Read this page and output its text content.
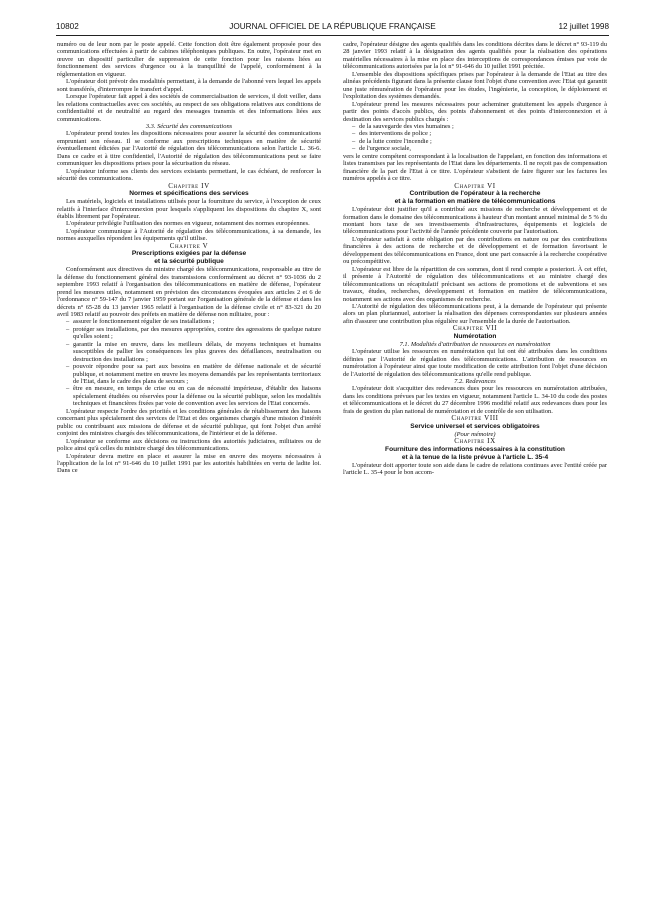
10802	JOURNAL OFFICIEL DE LA RÉPUBLIQUE FRANÇAISE	12 juillet 1998

numéro ou de leur nom par le poste appelé. Cette fonction doit être également proposée pour des communications effectuées à partir de cabines téléphoniques publiques. En outre, l'opérateur met en œuvre un dispositif particulier de suppression de cette fonction pour les raisons liées au fonctionnement des services d'urgence ou à la tranquillité de l'appelé, conformément à la réglementation en vigueur.

L'opérateur doit prévoir des modalités permettant, à la demande de l'abonné vers lequel les appels sont transférés, d'interrompre le transfert d'appel.

Lorsque l'opérateur fait appel à des sociétés de commercialisation de services, il doit veiller, dans les relations contractuelles avec ces sociétés, au respect de ses obligations relatives aux conditions de confidentialité et de neutralité au regard des messages transmis et des informations liées aux communications.

3.3. Sécurité des communications

L'opérateur prend toutes les dispositions nécessaires pour assurer la sécurité des communications empruntant son réseau. Il se conforme aux prescriptions techniques en matière de sécurité éventuellement édictées par l'Autorité de régulation des télécommunications selon l'article L. 36-6. Dans ce cadre et à titre confidentiel, l'Autorité de régulation des télécommunications peut se faire communiquer les dispositions prises pour la sécurisation du réseau.

L'opérateur informe ses clients des services existants permettant, le cas échéant, de renforcer la sécurité des communications.

Chapitre IV

Normes et spécifications des services

Les matériels, logiciels et installations utilisés pour la fourniture du service, à l'exception de ceux relatifs à l'interface d'interconnexion pour lesquels s'appliquent les dispositions du chapitre X, sont établis librement par l'opérateur.

L'opérateur privilégie l'utilisation des normes en vigueur, notamment des normes européennes.

L'opérateur communique à l'Autorité de régulation des télécommunications, à sa demande, les normes auxquelles répondent les équipements qu'il utilise.

Chapitre V

Prescriptions exigées par la défense
et la sécurité publique

Conformément aux directives du ministre chargé des télécommunications, responsable au titre de la défense du fonctionnement général des transmissions conformément au décret n° 93-1036 du 2 septembre 1993 relatif à l'organisation des télécommunications en matière de défense, l'opérateur prend les mesures utiles, notamment en prévision des circonstances évoquées aux articles 2 et 6 de l'ordonnance n° 59-147 du 7 janvier 1959 portant sur l'organisation générale de la défense et dans les décrets n° 65-28 du 13 janvier 1965 relatif à l'organisation de la défense civile et n° 83-321 du 20 avril 1983 relatif au pouvoir des préfets en matière de défense non militaire, pour :

– assurer le fonctionnement régulier de ses installations ;
– protéger ses installations, par des mesures appropriées, contre des agressions de quelque nature qu'elles soient ;
– garantir la mise en œuvre, dans les meilleurs délais, de moyens techniques et humains susceptibles de pallier les conséquences les plus graves des défaillances, neutralisation ou destruction des installations ;
– pouvoir répondre pour sa part aux besoins en matière de défense nationale et de sécurité publique, et notamment mettre en œuvre les moyens demandés par les représentants territoriaux de l'Etat, dans le cadre des plans de secours ;
– être en mesure, en temps de crise ou en cas de nécessité impérieuse, d'établir des liaisons spécialement étudiées ou réservées pour la défense ou la sécurité publique, selon les modalités techniques et financières fixées par voie de convention avec les services de l'Etat concernés.

L'opérateur respecte l'ordre des priorités et les conditions générales de rétablissement des liaisons concernant plus spécialement des services de l'Etat et des organismes chargés d'une mission d'intérêt public ou contribuant aux missions de défense et de sécurité publique, qui font l'objet d'un arrêté conjoint des ministres chargés des télécommunications, de l'intérieur et de la défense.

L'opérateur se conforme aux décisions ou instructions des autorités judiciaires, militaires ou de police ainsi qu'à celles du ministre chargé des télécommunications.

L'opérateur devra mettre en place et assurer la mise en œuvre des moyens nécessaires à l'application de la loi n° 91-646 du 10 juillet 1991 par les autorités habilitées en vertu de ladite loi. Dans ce

cadre, l'opérateur désigne des agents qualifiés dans les conditions décrites dans le décret n° 93-119 du 28 janvier 1993 relatif à la désignation des agents qualifiés pour la réalisation des opérations matérielles nécessaires à la mise en place des interceptions de correspondances émises par voie de télécommunications autorisées par la loi n° 91-646 du 10 juillet 1991 précitée.

L'ensemble des dispositions spécifiques prises par l'opérateur à la demande de l'Etat au titre des alinéas précédents figurant dans la présente clause font l'objet d'une convention avec l'Etat qui garantit une juste rémunération de l'opérateur pour les études, l'ingénierie, la conception, le déploiement et l'exploitation des systèmes demandés.

L'opérateur prend les mesures nécessaires pour acheminer gratuitement les appels d'urgence à partir des points d'accès publics, des points d'abonnement et des points d'interconnexion et à destination des services publics chargés :

– de la sauvegarde des vies humaines ;
– des interventions de police ;
– de la lutte contre l'incendie ;
– de l'urgence sociale,

vers le centre compétent correspondant à la localisation de l'appelant, en fonction des informations et listes transmises par les représentants de l'Etat dans les départements. Il ne reçoit pas de compensation financière de la part de l'Etat à ce titre. L'opérateur s'abstient de faire figurer sur les factures les numéros appelés à ce titre.

Chapitre VI

Contribution de l'opérateur à la recherche
et à la formation en matière de télécommunications

L'opérateur doit justifier qu'il a contribué aux missions de recherche et développement et de formation dans le domaine des télécommunications à hauteur d'un montant annuel minimal de 5 % du montant hors taxe de ses investissements d'infrastructures, équipements et logiciels de télécommunications pour l'activité de l'année précédente couverte par l'autorisation.

L'opérateur satisfait à cette obligation par des contributions en nature ou par des contributions financières à des actions de recherche et de développement et de formation favorisant le développement des télécommunications en France, dont une part consacrée à la recherche coopérative ou précompétitive.

L'opérateur est libre de la répartition de ces sommes, dont il rend compte a posteriori. À cet effet, il présente à l'Autorité de régulation des télécommunications et au ministre chargé des télécommunications un récapitulatif précisant ses actions de promotions et de subventions et ses travaux, études, recherches, développement et formation en matière de télécommunications, notamment ses actions avec des organismes de recherche.

L'Autorité de régulation des télécommunications peut, à la demande de l'opérateur qui présente alors un plan pluriannuel, autoriser la réalisation des dépenses correspondantes sur plusieurs années afin d'assurer une contribution plus régulière sur l'ensemble de la durée de l'autorisation.

Chapitre VII

Numérotation

7.1. Modalités d'attribution de ressources en numérotation

L'opérateur utilise les ressources en numérotation qui lui ont été attribuées dans les conditions définies par l'Autorité de régulation des télécommunications. L'attribution de ressources en numérotation à l'opérateur ainsi que toute modification de cette attribution font l'objet d'une décision de l'Autorité de régulation des télécommunications qu'elle rend publique.

7.2. Redevances

L'opérateur doit s'acquitter des redevances dues pour les ressources en numérotation attribuées, dans les conditions prévues par les textes en vigueur, notamment l'article L. 34-10 du code des postes et télécommunications et le décret du 27 décembre 1996 modifié relatif aux redevances dues pour les frais de gestion du plan national de numérotation et de contrôle de son utilisation.

Chapitre VIII

Service universel et services obligatoires

(Pour mémoire)

Chapitre IX

Fourniture des informations nécessaires à la constitution
et à la tenue de la liste prévue à l'article L. 35-4

L'opérateur doit apporter toute son aide dans le cadre de relations continues avec l'entité créée par l'article L. 35-4 pour le bon accom-
